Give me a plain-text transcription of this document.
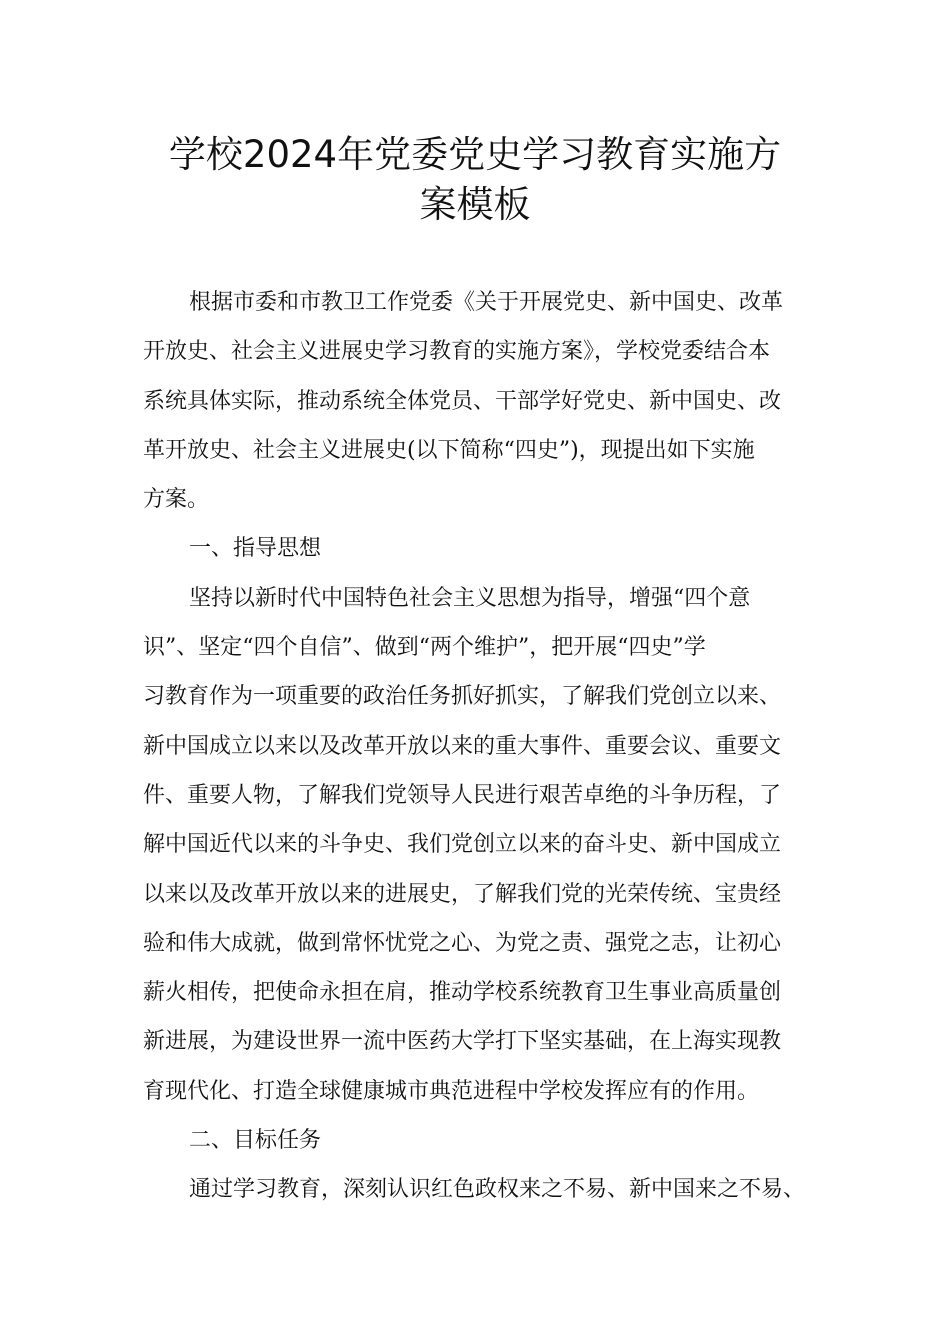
学校2024年党委党史学习教育实施方
案模板
根据市委和市教卫工作党委《关于开展党史、新中国史、改革
开放史、社会主义进展史学习教育的实施方案》，学校党委结合本
系统具体实际，推动系统全体党员、干部学好党史、新中国史、改
革开放史、社会主义进展史(以下简称“四史”)，现提出如下实施
方案。
一、指导思想
坚持以新时代中国特色社会主义思想为指导，增强“四个意
识”、坚定“四个自信”、做到“两个维护”，把开展“四史”学
习教育作为一项重要的政治任务抓好抓实，了解我们党创立以来、
新中国成立以来以及改革开放以来的重大事件、重要会议、重要文
件、重要人物，了解我们党领导人民进行艰苦卓绝的斗争历程，了
解中国近代以来的斗争史、我们党创立以来的奋斗史、新中国成立
以来以及改革开放以来的进展史，了解我们党的光荣传统、宝贵经
验和伟大成就，做到常怀忧党之心、为党之责、强党之志，让初心
薪火相传，把使命永担在肩，推动学校系统教育卫生事业高质量创
新进展，为建设世界一流中医药大学打下坚实基础，在上海实现教
育现代化、打造全球健康城市典范进程中学校发挥应有的作用。
二、目标任务
通过学习教育，深刻认识红色政权来之不易、新中国来之不易、
